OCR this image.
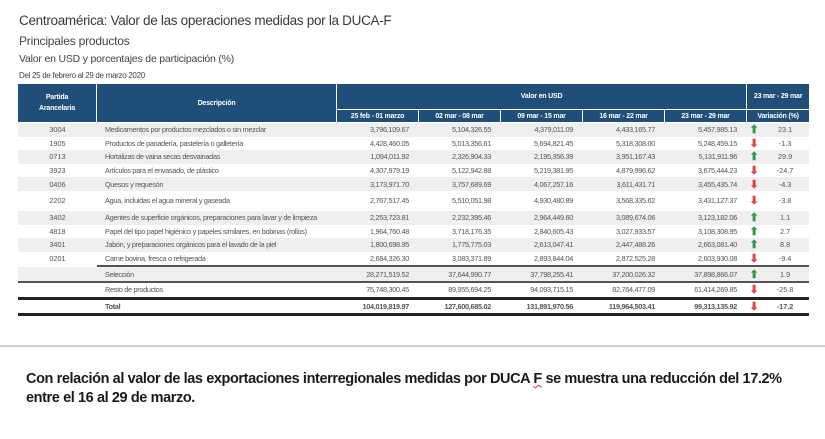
Centroamérica: Valor de las operaciones medidas por la DUCA-F
Principales productos
Valor en USD y porcentajes de participación (%)
Del 25 de febrero al 29 de marzo 2020
Partida Arancelaria	Descripción	Valor en USD					23 mar - 29 mar	
		25 feb - 01 marzo	02 mar - 08 mar	09 mar - 15 mar	16 mar - 22 mar	23 mar - 29 mar	Variación (%)	
3004	Medicamentos por productos mezclados o sin mezclar	3,796,109.67	5,104,326.55	4,379,011.09	4,433,165.77	5,457,985.13	⬆	23.1
1905	Productos de panadería, pastelería o galletería	4,428,460.05	5,013,356.61	5,694,821.45	5,318,308.00	5,248,459.15	⬇	-1.3
0713	Hortalizas de vaina secas desvainadas	1,094,011.92	2,326,904.33	2,195,356.39	3,951,167.43	5,131,911.96	⬆	29.9
3923	Artículos para el envasado, de plástico	4,307,979.19	5,122,942.88	5,219,381.95	4,879,996.62	3,675,444.23	⬇	-24.7
0406	Quesos y requesón	3,173,971.70	3,757,689.69	4,067,257.16	3,611,431.71	3,455,435.74	⬇	-4.3
2202	Agua, incluidas el agua mineral y gaseada	2,767,517.45	5,510,051.98	4,930,480.89	3,568,335.62	3,431,127.37	⬇	-3.8
3402	Agentes de superficie orgánicos, preparaciones para lavar y de limpieza	2,253,723.81	2,232,395.46	2,964,449.60	3,089,674.06	3,123,182.06	⬆	1.1
4818	Papel del tipo papel higiénico y papeles similares, en bobinas (rollos)	1,964,760.48	3,718,176.35	2,840,605.43	3,027,933.57	3,108,308.95	⬆	2.7
3401	Jabón, y preparaciones orgánicos para el lavado de la piel	1,800,698.95	1,775,775.03	2,613,047.41	2,447,488.26	2,663,081.40	⬆	8.8
0201	Carne bovina, fresca o refrigerada	2,684,326.30	3,083,371.89	2,893,844.04	2,872,525.28	2,603,930.08	⬇	-9.4
	Selección	28,271,519.52	37,644,990.77	37,798,255.41	37,200,026.32	37,898,866.07	⬆	1.9
	Resto de productos	75,748,300.45	89,955,694.25	94,093,715.15	82,764,477.09	61,414,269.85	⬇	-25.8
	Total	104,019,819.97	127,600,685.02	131,891,970.56	119,964,503.41	99,313,135.92	⬇	-17.2
Con relación al valor de las exportaciones interregionales medidas por DUCA F se muestra una reducción del 17.2% entre el 16 al 29 de marzo.
